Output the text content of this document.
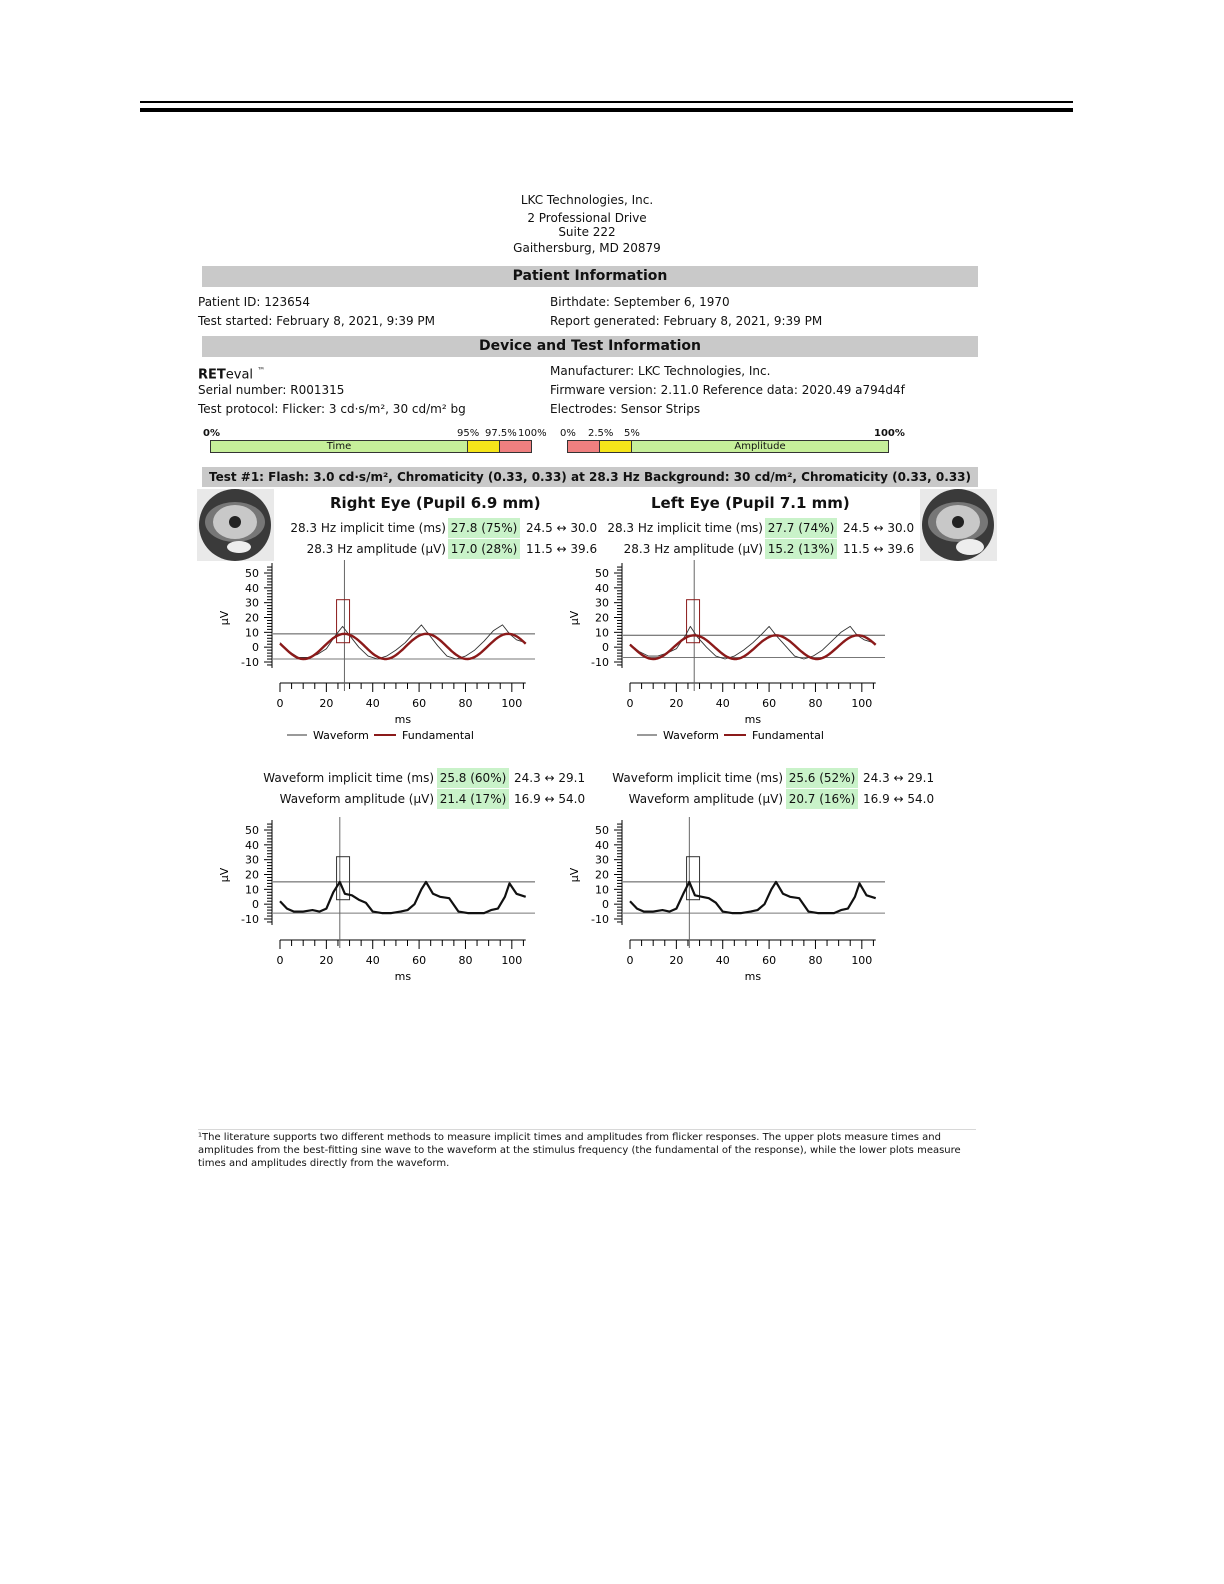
LKC Technologies, Inc.
2 Professional Drive
Suite 222
Gaithersburg, MD 20879
Patient Information
Patient ID: 123654
Test started: February 8, 2021, 9:39 PM
Birthdate: September 6, 1970
Report generated: February 8, 2021, 9:39 PM
Device and Test Information
RETeval ™
Serial number: R001315
Test protocol: Flicker: 3 cd·s/m², 30 cd/m² bg
Manufacturer: LKC Technologies, Inc.
Firmware version: 2.11.0 Reference data: 2020.49 a794d4f
Electrodes: Sensor Strips
0%	95% 97.5% 100%
Time
0% 2.5% 5%	100%
Amplitude
Test #1: Flash: 3.0 cd·s/m², Chromaticity (0.33, 0.33) at 28.3 Hz Background: 30 cd/m², Chromaticity (0.33, 0.33)
Right Eye (Pupil 6.9 mm)	Left Eye (Pupil 7.1 mm)
28.3 Hz implicit time (ms) 27.8 (75%) 24.5 ↔ 30.0
28.3 Hz amplitude (µV) 17.0 (28%) 11.5 ↔ 39.6
28.3 Hz implicit time (ms) 27.7 (74%) 24.5 ↔ 30.0
28.3 Hz amplitude (µV) 15.2 (13%) 11.5 ↔ 39.6
Waveform implicit time (ms) 25.8 (60%) 24.3 ↔ 29.1
Waveform amplitude (µV) 21.4 (17%) 16.9 ↔ 54.0
Waveform implicit time (ms) 25.6 (52%) 24.3 ↔ 29.1
Waveform amplitude (µV) 20.7 (16%) 16.9 ↔ 54.0
50
40
30
20
10
0
-10
µV
0	20	40	60	80	100
ms
Waveform	Fundamental
50
40
30
20
10
0
-10
µV
0	20	40	60	80	100
ms
Waveform	Fundamental
50
40
30
20
10
0
-10
µV
0	20	40	60	80	100
ms
50
40
30
20
10
0
-10
µV
0	20	40	60	80	100
ms
¹The literature supports two different methods to measure implicit times and amplitudes from flicker responses. The upper plots measure times and amplitudes from the best-fitting sine wave to the waveform at the stimulus frequency (the fundamental of the response), while the lower plots measure times and amplitudes directly from the waveform.
